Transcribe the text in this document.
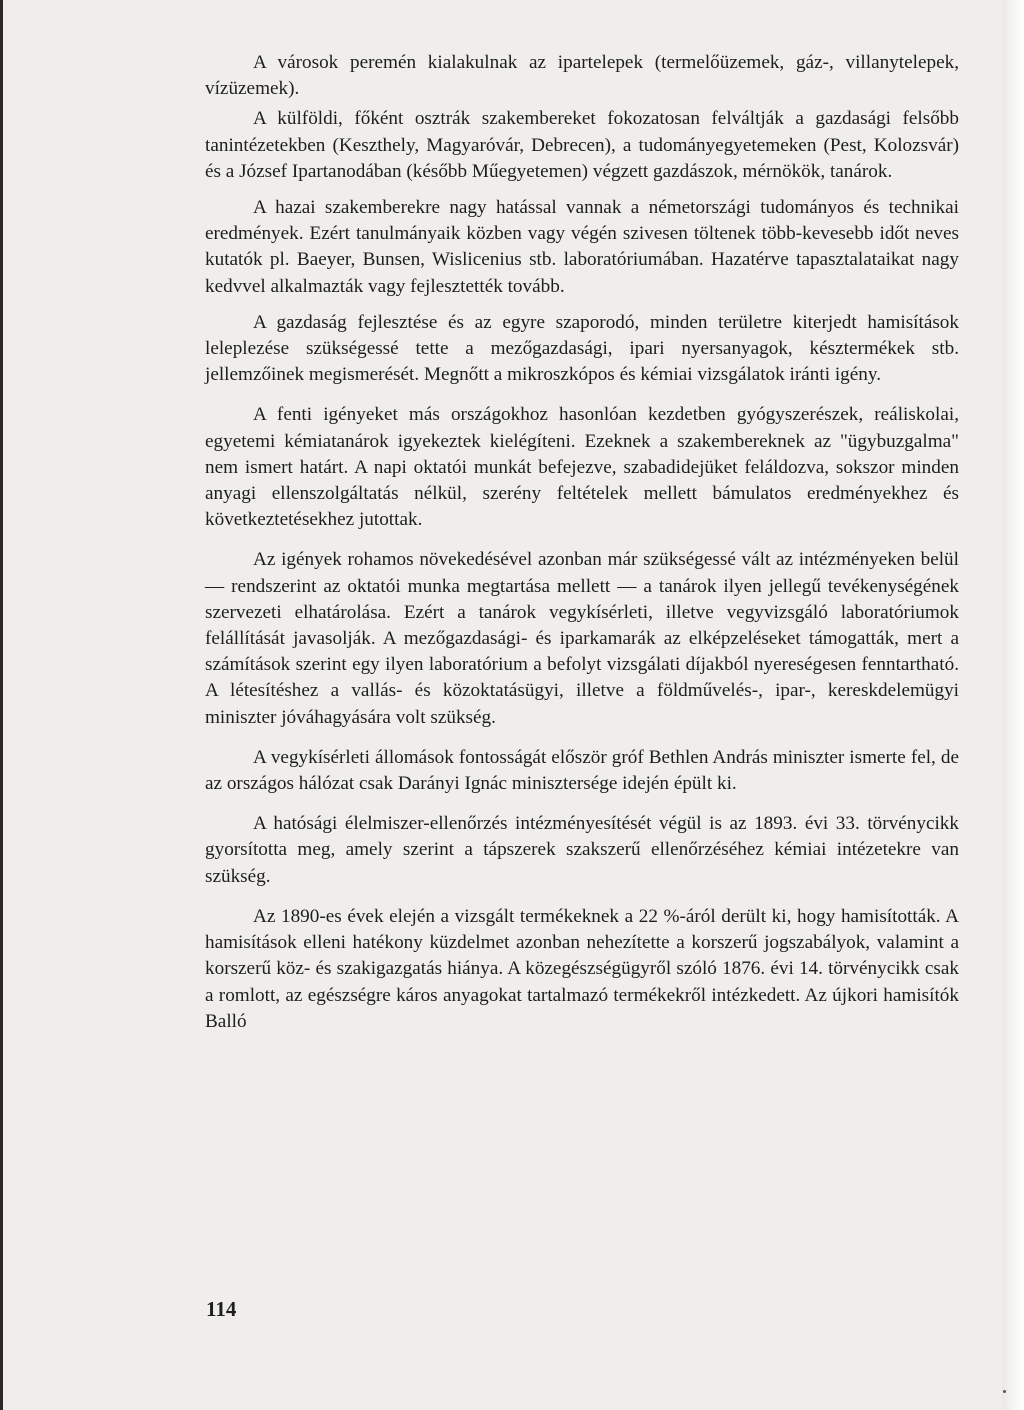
A városok peremén kialakulnak az ipartelepek (termelőüzemek, gáz-, villanytelepek, vízüzemek).

A külföldi, főként osztrák szakembereket fokozatosan felváltják a gazdasági felsőbb tanintézetekben (Keszthely, Magyaróvár, Debrecen), a tudományegyetemeken (Pest, Kolozsvár) és a József Ipartanodában (később Műegyetemen) végzett gazdászok, mérnökök, tanárok.

A hazai szakemberekre nagy hatással vannak a németországi tudományos és technikai eredmények. Ezért tanulmányaik közben vagy végén szivesen töltenek több-kevesebb időt neves kutatók pl. Baeyer, Bunsen, Wislicenius stb. laboratóriumában. Hazatérve tapasztalataikat nagy kedvvel alkalmazták vagy fejlesztették tovább.

A gazdaság fejlesztése és az egyre szaporodó, minden területre kiterjedt hamisítások leleplezése szükségessé tette a mezőgazdasági, ipari nyersanyagok, késztermékek stb. jellemzőinek megismerését. Megnőtt a mikroszkópos és kémiai vizsgálatok iránti igény.

A fenti igényeket más országokhoz hasonlóan kezdetben gyógyszerészek, reáliskolai, egyetemi kémiatanárok igyekeztek kielégíteni. Ezeknek a szakembereknek az "ügybuzgalma" nem ismert határt. A napi oktatói munkát befejezve, szabadidejüket feláldozva, sokszor minden anyagi ellenszolgáltatás nélkül, szerény feltételek mellett bámulatos eredményekhez és következtetésekhez jutottak.

Az igények rohamos növekedésével azonban már szükségessé vált az intézményeken belül — rendszerint az oktatói munka megtartása mellett — a tanárok ilyen jellegű tevékenységének szervezeti elhatárolása. Ezért a tanárok vegykísérleti, illetve vegyvizsgáló laboratóriumok felállítását javasolják. A mezőgazdasági- és iparkamarák az elképzeléseket támogatták, mert a számítások szerint egy ilyen laboratórium a befolyt vizsgálati díjakból nyereségesen fenntartható. A létesítéshez a vallás- és közoktatásügyi, illetve a földművelés-, ipar-, kereskdelemügyi miniszter jóváhagyására volt szükség.

A vegykísérleti állomások fontosságát először gróf Bethlen András miniszter ismerte fel, de az országos hálózat csak Darányi Ignác minisztersége idején épült ki.

A hatósági élelmiszer-ellenőrzés intézményesítését végül is az 1893. évi 33. törvénycikk gyorsította meg, amely szerint a tápszerek szakszerű ellenőrzéséhez kémiai intézetekre van szükség.

Az 1890-es évek elején a vizsgált termékeknek a 22 %-áról derült ki, hogy hamisították. A hamisítások elleni hatékony küzdelmet azonban nehezítette a korszerű jogszabályok, valamint a korszerű köz- és szakigazgatás hiánya. A közegészségügyről szóló 1876. évi 14. törvénycikk csak a romlott, az egészségre káros anyagokat tartalmazó termékekről intézkedett. Az újkori hamisítók Balló

114
